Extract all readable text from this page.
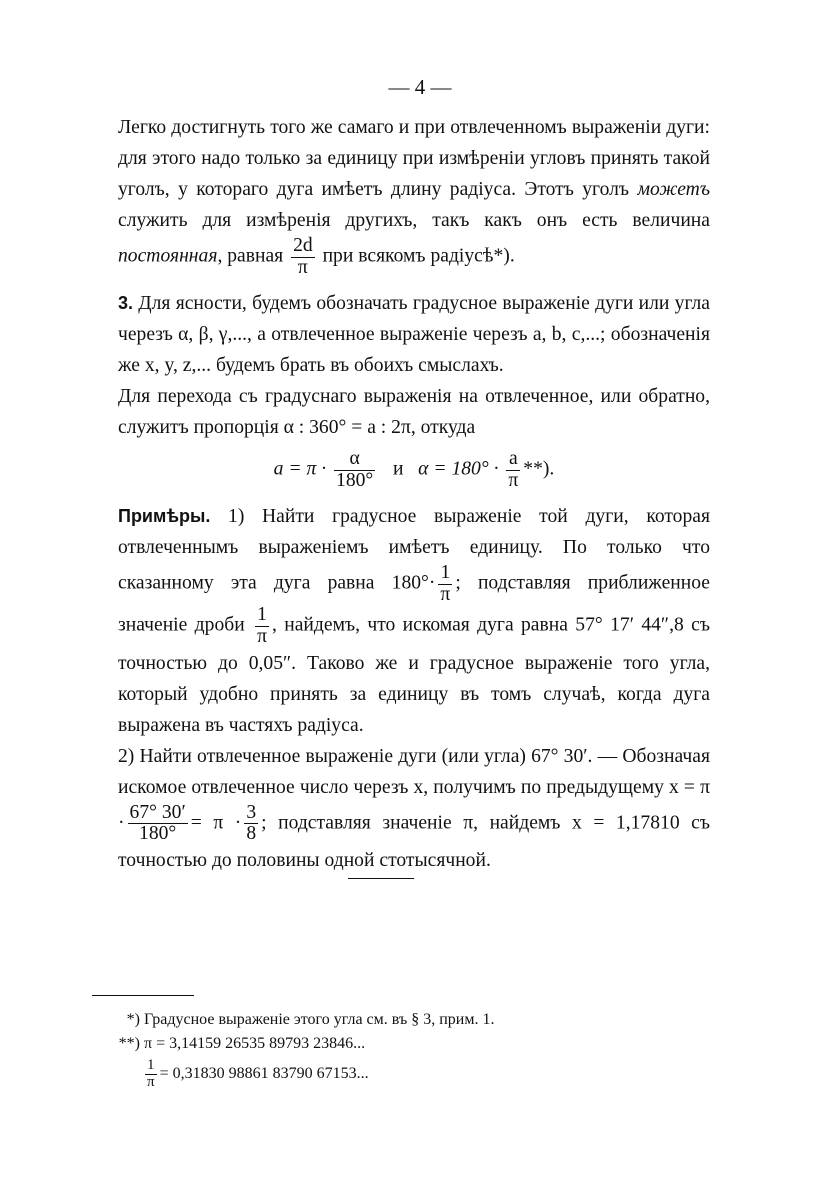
— 4 —

Легко достигнуть того же самаго и при отвлеченномъ выраженіи дуги: для этого надо только за единицу при измѣреніи угловъ принять такой уголъ, у котораго дуга имѣетъ длину радіуса. Этотъ уголъ можетъ служить для измѣренія другихъ, такъ какъ онъ есть величина постоянная, равная $\frac{2d}{\pi}$ при всякомъ радіусѣ*).

3. Для ясности, будемъ обозначать градусное выраженіе дуги или угла черезъ α, β, γ,..., а отвлеченное выраженіе черезъ a, b, c,...; обозначенія же x, y, z,... будемъ брать въ обоихъ смыслахъ.

Для перехода съ градуснаго выраженія на отвлеченное, или обратно, служитъ пропорція α : 360° = a : 2π, откуда

$a = \pi \cdot \frac{\alpha}{180^\circ}$ и $\alpha = 180^\circ \cdot \frac{a}{\pi}$ **).

Примѣры. 1) Найти градусное выраженіе той дуги, которая отвлеченнымъ выраженіемъ имѣетъ единицу. По только что сказанному эта дуга равна $180^\circ\cdot \frac{1}{\pi}$ ; подставляя приближенное значеніе дроби $\frac{1}{\pi}$ , найдемъ, что искомая дуга равна 57° 17′ 44″,8 съ точностью до 0,05″. Таково же и градусное выраженіе того угла, который удобно принять за единицу въ томъ случаѣ, когда дуга выражена въ частяхъ радіуса.

2) Найти отвлеченное выраженіе дуги (или угла) 67° 30′. — Обозначая искомое отвлеченное число черезъ x, получимъ по предыдущему $x = \pi \cdot \frac{67^\circ 30'}{180^\circ} = \pi \cdot \frac{3}{8}$ ; подставляя значеніе π, найдемъ x = 1,17810 съ точностью до половины одной стотысячной.

*) Градусное выраженіе этого угла см. въ § 3, прим. 1.
**) π = 3,14159 26535 89793 23846...
$\frac{1}{\pi} = 0,31830$ 98861 83790 67153...
